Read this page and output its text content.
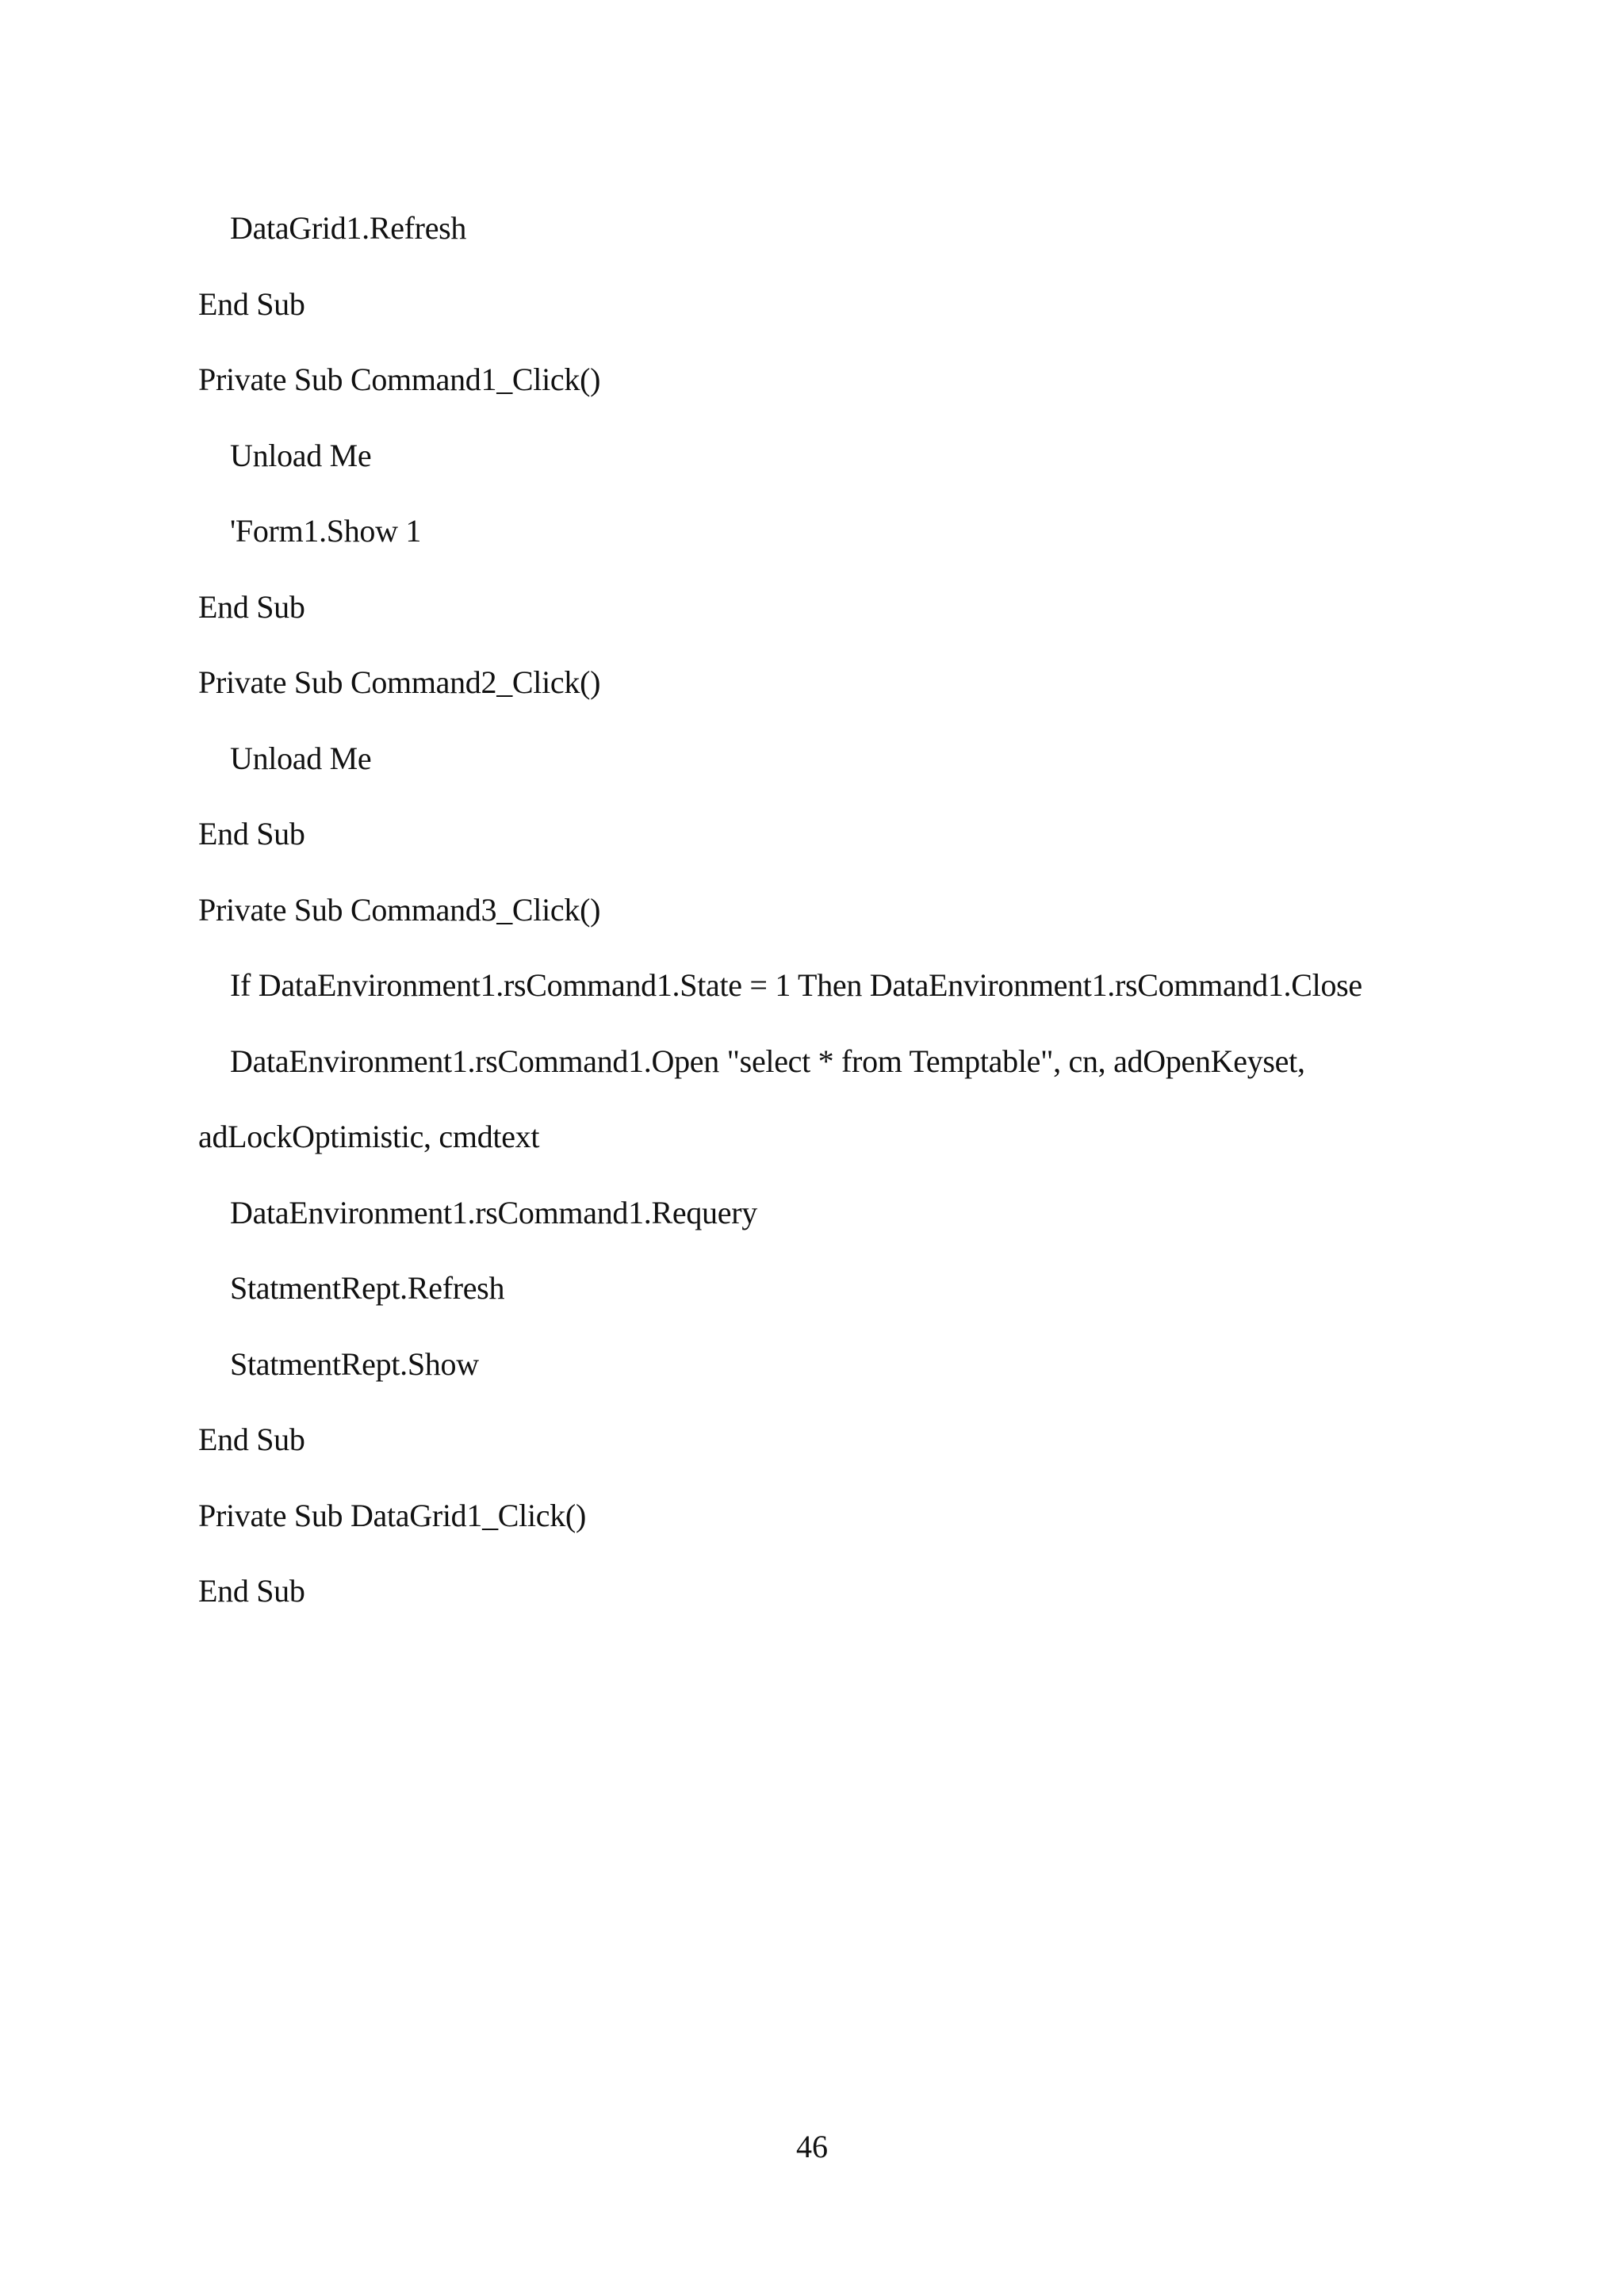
DataGrid1.Refresh
End Sub
Private Sub Command1_Click()
Unload Me
'Form1.Show 1
End Sub
Private Sub Command2_Click()
Unload Me
End Sub
Private Sub Command3_Click()
If DataEnvironment1.rsCommand1.State = 1 Then DataEnvironment1.rsCommand1.Close
DataEnvironment1.rsCommand1.Open "select * from Temptable", cn, adOpenKeyset,
adLockOptimistic, cmdtext
DataEnvironment1.rsCommand1.Requery
StatmentRept.Refresh
StatmentRept.Show
End Sub
Private Sub DataGrid1_Click()
End Sub
46
